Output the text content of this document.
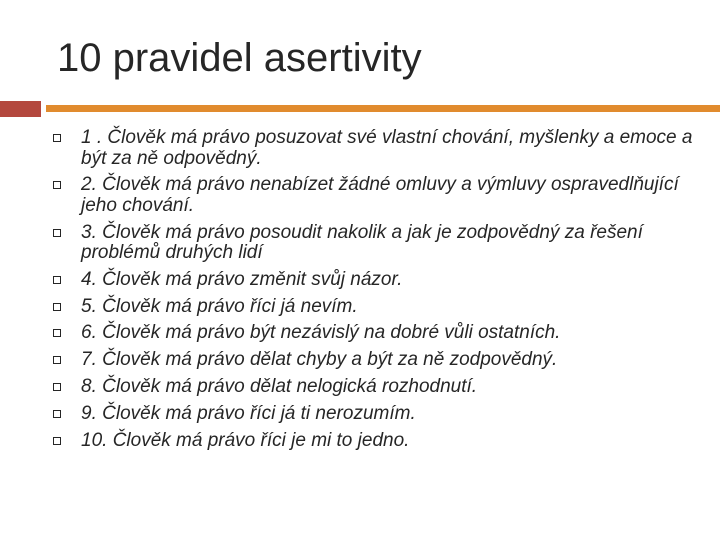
10 pravidel asertivity
1 . Člověk má právo posuzovat své vlastní chování, myšlenky a emoce a být za ně odpovědný.
2. Člověk má právo nenabízet žádné omluvy a výmluvy ospravedlňující jeho chování.
3. Člověk má právo posoudit nakolik a jak je zodpovědný za řešení problémů druhých lidí
4. Člověk má právo změnit svůj názor.
5. Člověk má právo říci já nevím.
6. Člověk má právo být nezávislý na dobré vůli ostatních.
7. Člověk má právo dělat chyby a být za ně zodpovědný.
8. Člověk má právo dělat nelogická rozhodnutí.
9. Člověk má právo říci já ti nerozumím.
10. Člověk má právo říci je mi to jedno.
